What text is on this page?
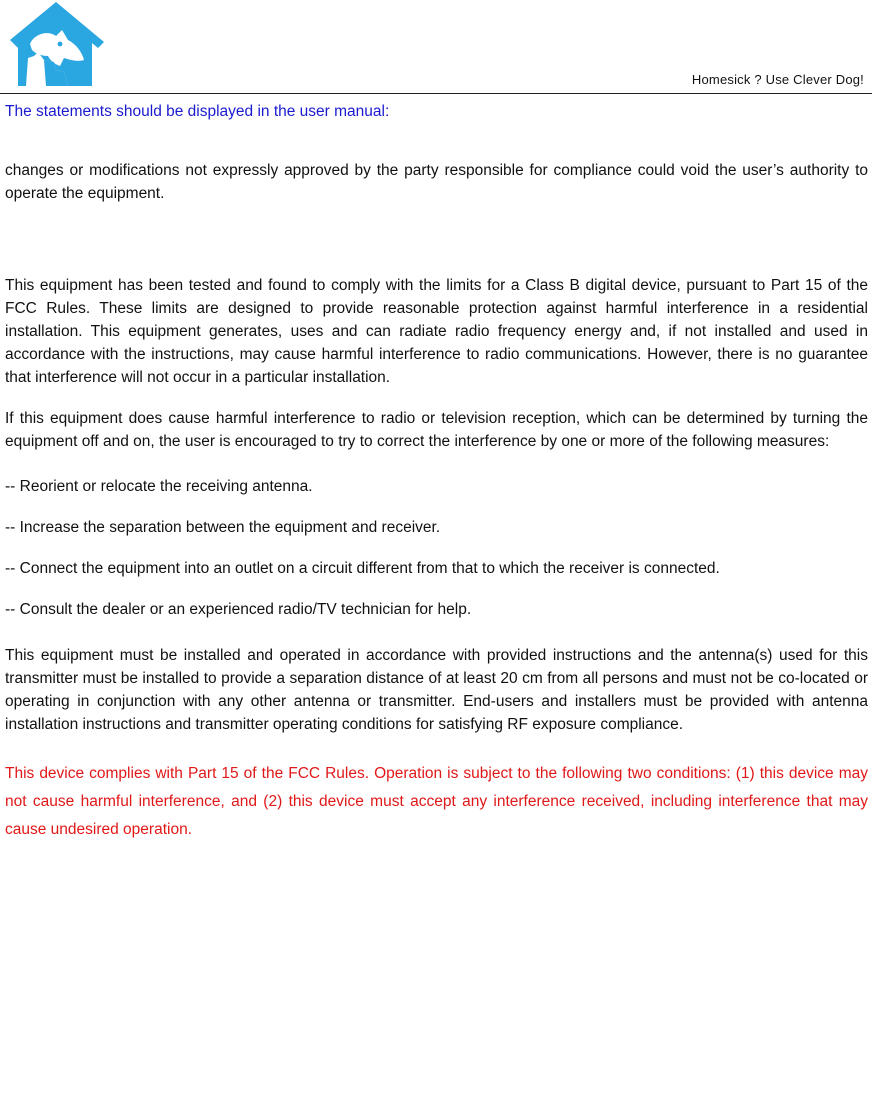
Homesick ? Use Clever Dog!

The statements should be displayed in the user manual:

changes or modifications not expressly approved by the party responsible for compliance could void the user’s authority to operate the equipment.

This equipment has been tested and found to comply with the limits for a Class B digital device, pursuant to Part 15 of the FCC Rules. These limits are designed to provide reasonable protection against harmful interference in a residential installation. This equipment generates, uses and can radiate radio frequency energy and, if not installed and used in accordance with the instructions, may cause harmful interference to radio communications. However, there is no guarantee that interference will not occur in a particular installation.

If this equipment does cause harmful interference to radio or television reception, which can be determined by turning the equipment off and on, the user is encouraged to try to correct the interference by one or more of the following measures:

-- Reorient or relocate the receiving antenna.

-- Increase the separation between the equipment and receiver.

-- Connect the equipment into an outlet on a circuit different from that to which the receiver is connected.

-- Consult the dealer or an experienced radio/TV technician for help.

This equipment must be installed and operated in accordance with provided instructions and the antenna(s) used for this transmitter must be installed to provide a separation distance of at least 20 cm from all persons and must not be co-located or operating in conjunction with any other antenna or transmitter. End-users and installers must be provided with antenna installation instructions and transmitter operating conditions for satisfying RF exposure compliance.

This device complies with Part 15 of the FCC Rules. Operation is subject to the following two conditions: (1) this device may not cause harmful interference, and (2) this device must accept any interference received, including interference that may cause undesired operation.
